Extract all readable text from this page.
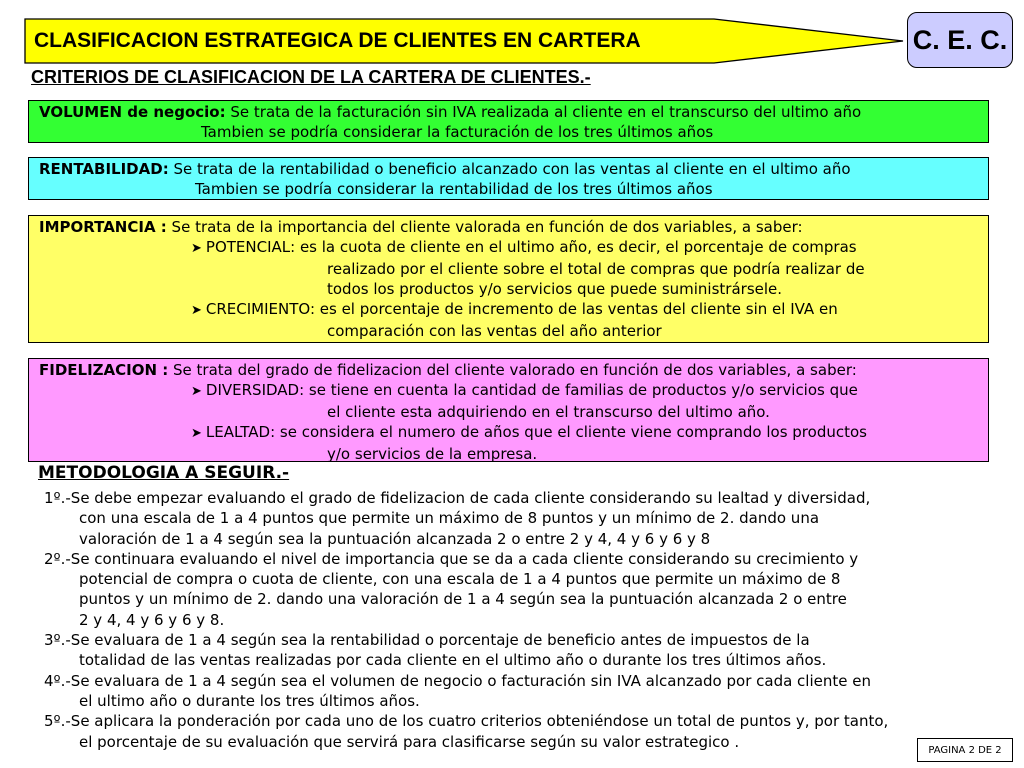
CLASIFICACION ESTRATEGICA DE CLIENTES EN CARTERA	C. E. C.
CRITERIOS DE CLASIFICACION DE LA CARTERA DE CLIENTES.-
VOLUMEN de negocio: Se trata de la facturación sin IVA realizada al cliente en el transcurso del ultimo año
Tambien se podría considerar la facturación de los tres últimos años
RENTABILIDAD: Se trata de la rentabilidad o beneficio alcanzado con las ventas al cliente en el ultimo año
Tambien se podría considerar la rentabilidad de los tres últimos años
IMPORTANCIA : Se trata de la importancia del cliente valorada en función de dos variables, a saber:
➤ POTENCIAL: es la cuota de cliente en el ultimo año, es decir, el porcentaje de compras
realizado por el cliente sobre el total de compras que podría realizar de
todos los productos y/o servicios que puede suministrársele.
➤ CRECIMIENTO: es el porcentaje de incremento de las ventas del cliente sin el IVA en
comparación con las ventas del año anterior
FIDELIZACION : Se trata del grado de fidelizacion del cliente valorado en función de dos variables, a saber:
➤ DIVERSIDAD: se tiene en cuenta la cantidad de familias de productos y/o servicios que
el cliente esta adquiriendo en el transcurso del ultimo año.
➤ LEALTAD: se considera el numero de años que el cliente viene comprando los productos
y/o servicios de la empresa.
METODOLOGIA A SEGUIR.-

1º.-Se debe empezar evaluando el grado de fidelizacion de cada cliente considerando su lealtad y diversidad,
con una escala de 1 a 4 puntos que permite un máximo de 8 puntos y un mínimo de 2. dando una
valoración de 1 a 4 según sea la puntuación alcanzada 2 o entre 2 y 4, 4 y 6 y 6 y 8

2º.-Se continuara evaluando el nivel de importancia que se da a cada cliente considerando su crecimiento y
potencial de compra o cuota de cliente, con una escala de 1 a 4 puntos que permite un máximo de 8
puntos y un mínimo de 2. dando una valoración de 1 a 4 según sea la puntuación alcanzada 2 o entre
2 y 4, 4 y 6 y 6 y 8.

3º.-Se evaluara de 1 a 4 según sea la rentabilidad o porcentaje de beneficio antes de impuestos de la
totalidad de las ventas realizadas por cada cliente en el ultimo año o durante los tres últimos años.

4º.-Se evaluara de 1 a 4 según sea el volumen de negocio o facturación sin IVA alcanzado por cada cliente en
el ultimo año o durante los tres últimos años.

5º.-Se aplicara la ponderación por cada uno de los cuatro criterios obteniéndose un total de puntos y, por tanto,
el porcentaje de su evaluación que servirá para clasificarse según su valor estrategico .	PAGINA 2 DE 2
